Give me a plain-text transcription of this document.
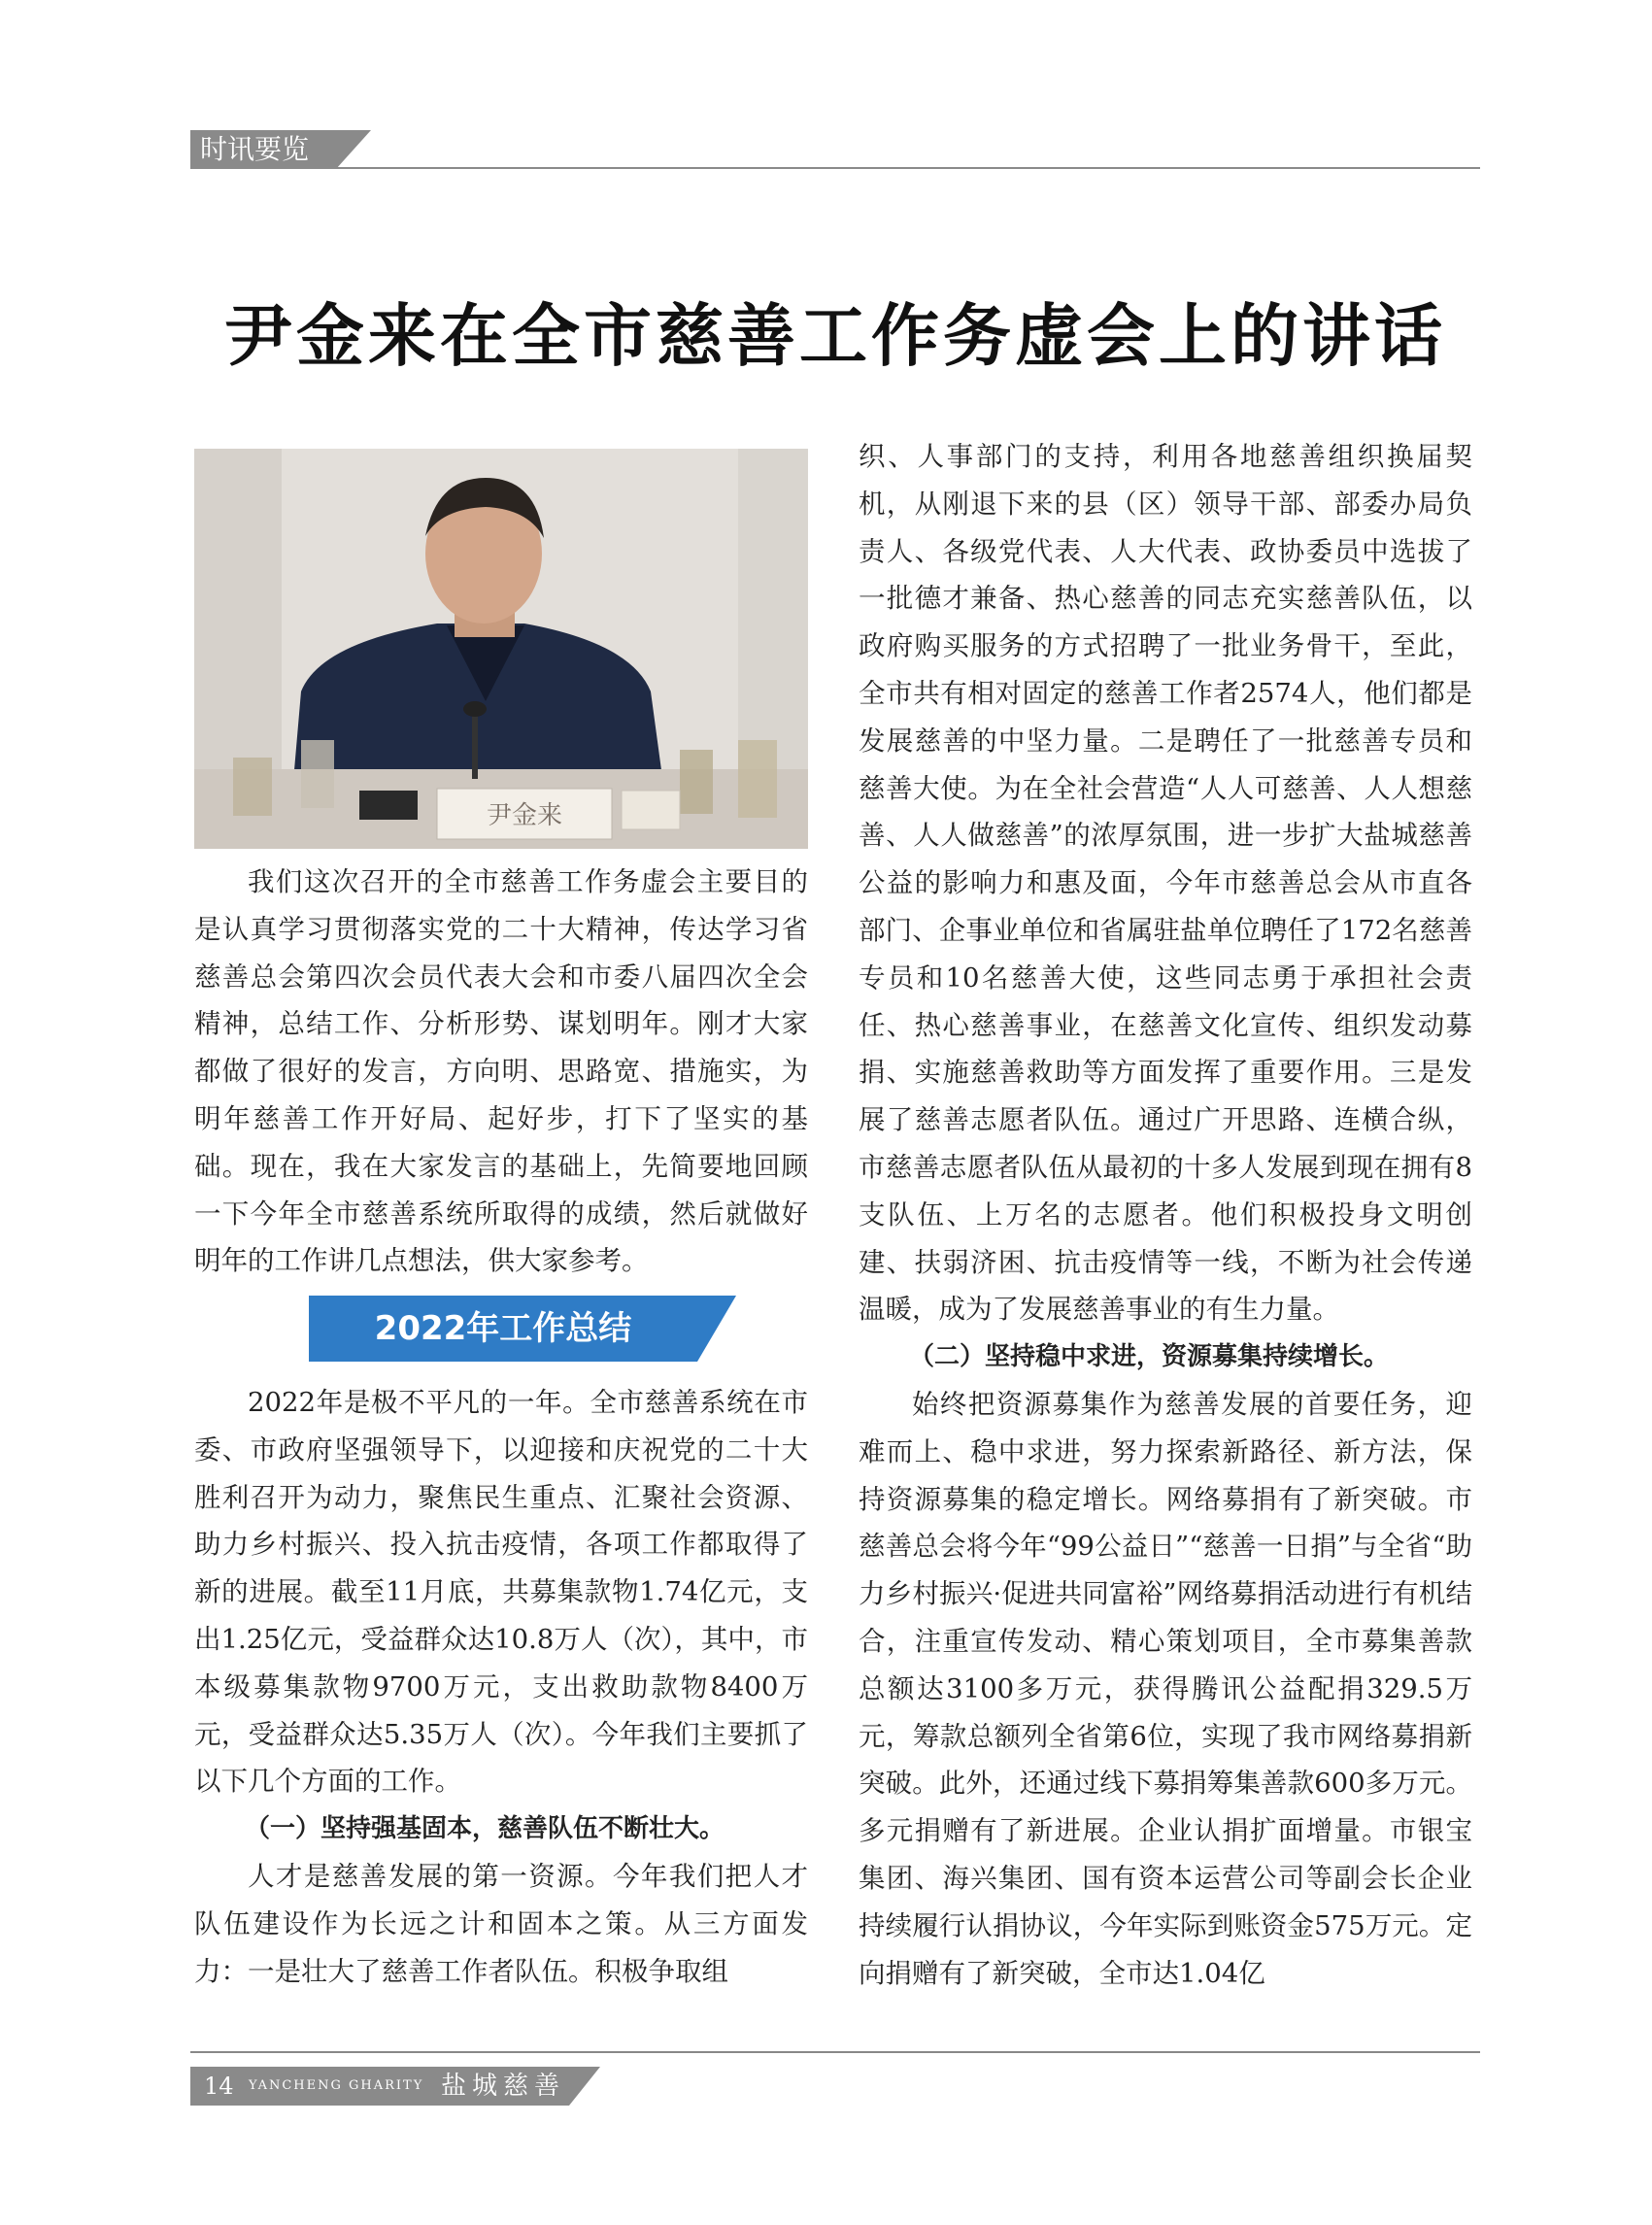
时讯要览
尹金来在全市慈善工作务虚会上的讲话
尹金来

我们这次召开的全市慈善工作务虚会主要目的是认真学习贯彻落实党的二十大精神，传达学习省慈善总会第四次会员代表大会和市委八届四次全会精神，总结工作、分析形势、谋划明年。刚才大家都做了很好的发言，方向明、思路宽、措施实，为明年慈善工作开好局、起好步，打下了坚实的基础。现在，我在大家发言的基础上，先简要地回顾一下今年全市慈善系统所取得的成绩，然后就做好明年的工作讲几点想法，供大家参考。

2022年工作总结

2022年是极不平凡的一年。全市慈善系统在市委、市政府坚强领导下，以迎接和庆祝党的二十大胜利召开为动力，聚焦民生重点、汇聚社会资源、助力乡村振兴、投入抗击疫情，各项工作都取得了新的进展。截至11月底，共募集款物1.74亿元，支出1.25亿元，受益群众达10.8万人（次），其中，市本级募集款物9700万元，支出救助款物8400万元，受益群众达5.35万人（次）。今年我们主要抓了以下几个方面的工作。

（一）坚持强基固本，慈善队伍不断壮大。

人才是慈善发展的第一资源。今年我们把人才队伍建设作为长远之计和固本之策。从三方面发力：一是壮大了慈善工作者队伍。积极争取组

织、人事部门的支持，利用各地慈善组织换届契机，从刚退下来的县（区）领导干部、部委办局负责人、各级党代表、人大代表、政协委员中选拔了一批德才兼备、热心慈善的同志充实慈善队伍，以政府购买服务的方式招聘了一批业务骨干，至此，全市共有相对固定的慈善工作者2574人，他们都是发展慈善的中坚力量。二是聘任了一批慈善专员和慈善大使。为在全社会营造“人人可慈善、人人想慈善、人人做慈善”的浓厚氛围，进一步扩大盐城慈善公益的影响力和惠及面，今年市慈善总会从市直各部门、企事业单位和省属驻盐单位聘任了172名慈善专员和10名慈善大使，这些同志勇于承担社会责任、热心慈善事业，在慈善文化宣传、组织发动募捐、实施慈善救助等方面发挥了重要作用。三是发展了慈善志愿者队伍。通过广开思路、连横合纵，市慈善志愿者队伍从最初的十多人发展到现在拥有8支队伍、上万名的志愿者。他们积极投身文明创建、扶弱济困、抗击疫情等一线，不断为社会传递温暖，成为了发展慈善事业的有生力量。

（二）坚持稳中求进，资源募集持续增长。

始终把资源募集作为慈善发展的首要任务，迎难而上、稳中求进，努力探索新路径、新方法，保持资源募集的稳定增长。网络募捐有了新突破。市慈善总会将今年“99公益日”“慈善一日捐”与全省“助力乡村振兴·促进共同富裕”网络募捐活动进行有机结合，注重宣传发动、精心策划项目，全市募集善款总额达3100多万元，获得腾讯公益配捐329.5万元，筹款总额列全省第6位，实现了我市网络募捐新突破。此外，还通过线下募捐筹集善款600多万元。多元捐赠有了新进展。企业认捐扩面增量。市银宝集团、海兴集团、国有资本运营公司等副会长企业持续履行认捐协议，今年实际到账资金575万元。定向捐赠有了新突破，全市达1.04亿

14 YANCHENG GHARITY 盐城慈善
